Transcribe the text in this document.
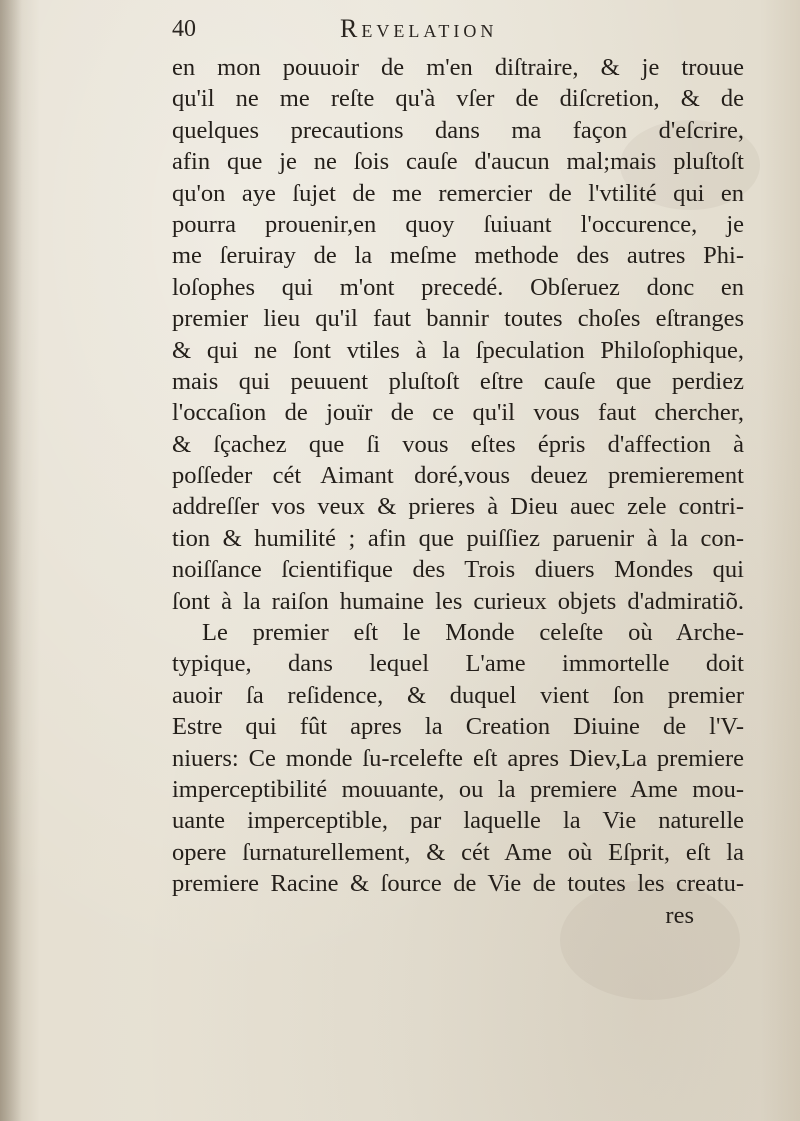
40	Revelation
en mon pouuoir de m'en diſtraire, & je trouue
qu'il ne me reſte qu'à vſer de diſcretion, & de
quelques precautions dans ma façon d'eſcrire,
afin que je ne ſois cauſe d'aucun mal;mais pluſtoſt
qu'on aye ſujet de me remercier de l'vtilité qui en
pourra prouenir,en quoy ſuiuant l'occurence, je
me ſeruiray de la meſme methode des autres Phi-
loſophes qui m'ont precedé. Obſeruez donc en
premier lieu qu'il faut bannir toutes choſes eſtranges
& qui ne ſont vtiles à la ſpeculation Philoſophique,
mais qui peuuent pluſtoſt eſtre cauſe que perdiez
l'occaſion de jouïr de ce qu'il vous faut chercher,
& ſçachez que ſi vous eſtes épris d'affection à
poſſeder cét Aimant doré,vous deuez premierement
addreſſer vos veux & prieres à Dieu auec zele contri-
tion & humilité ; afin que puiſſiez paruenir à la con-
noiſſance ſcientifique des Trois diuers Mondes qui
ſont à la raiſon humaine les curieux objets d'admiratiõ.
Le premier eſt le Monde celeſte où Arche-
typique, dans lequel L'ame immortelle doit
auoir ſa reſidence, & duquel vient ſon premier
Estre qui fût apres la Creation Diuine de l'V-
niuers: Ce monde ſu-rcelefte eſt apres Diev,La premiere
imperceptibilité mouuante, ou la premiere Ame mou-
uante imperceptible, par laquelle la Vie naturelle
opere ſurnaturellement, & cét Ame où Eſprit, eſt la
premiere Racine & ſource de Vie de toutes les creatu-
res
